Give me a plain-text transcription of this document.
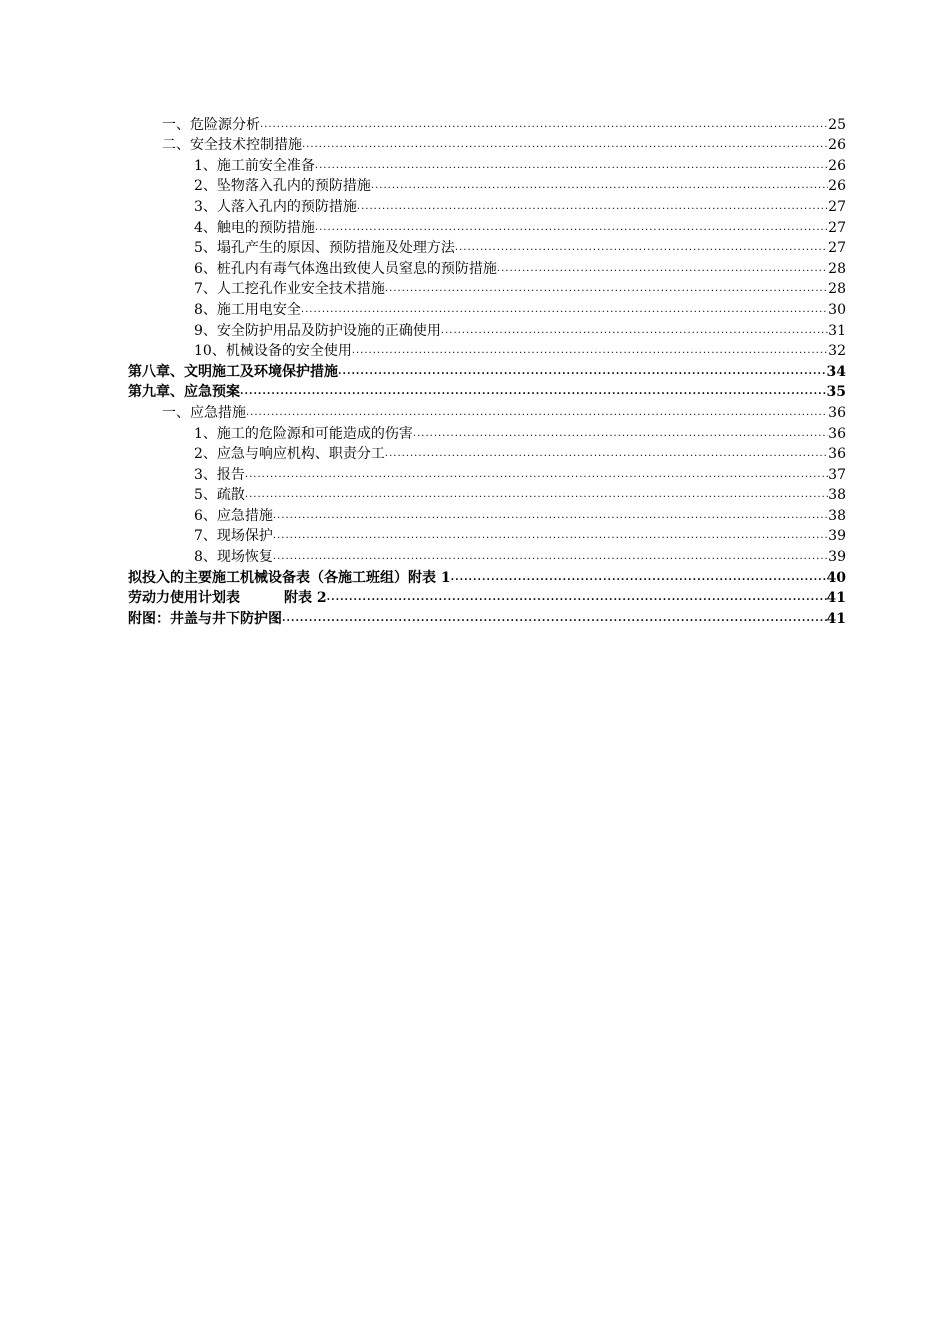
一、危险源分析 .....	25
二、安全技术控制措施 .....	26
1、施工前安全准备 .....	26
2、坠物落入孔内的预防措施 .....	26
3、人落入孔内的预防措施 .....	27
4、触电的预防措施 .....	27
5、塌孔产生的原因、预防措施及处理方法 .....	27
6、桩孔内有毒气体逸出致使人员窒息的预防措施 .....	28
7、人工挖孔作业安全技术措施 .....	28
8、施工用电安全 .....	30
9、安全防护用品及防护设施的正确使用 .....	31
10、机械设备的安全使用 .....	32
第八章、文明施工及环境保护措施 .....	34
第九章、应急预案 .....	35
一、应急措施 .....	36
1、施工的危险源和可能造成的伤害 .....	36
2、应急与响应机构、职责分工 .....	36
3、报告 .....	37
5、疏散 .....	38
6、应急措施 .....	38
7、现场保护 .....	39
8、现场恢复 .....	39
拟投入的主要施工机械设备表（各施工班组）附表 1 .....	40
劳动力使用计划表	附表 2 .....	41
附图：井盖与井下防护图 .....	41
